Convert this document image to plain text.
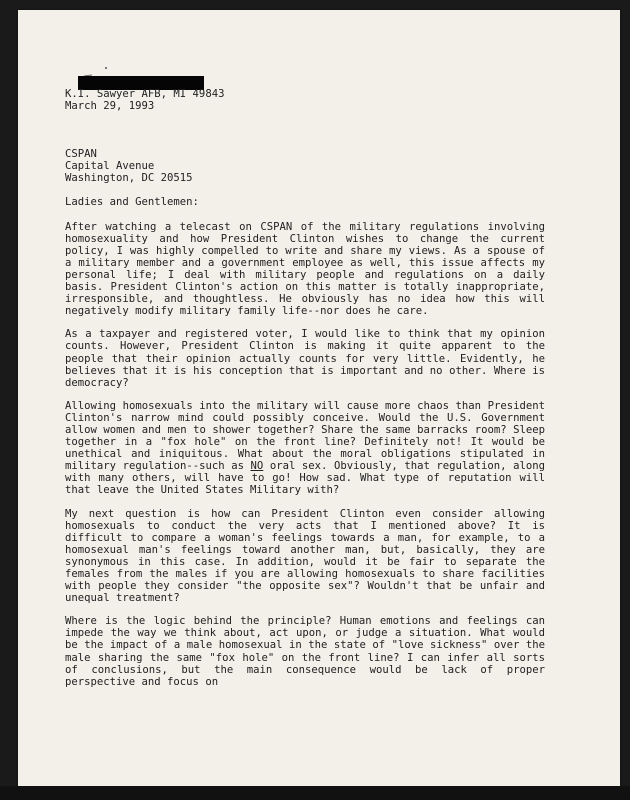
K.I. Sawyer AFB, MI 49843
March 29, 1993
CSPAN
Capital Avenue
Washington, DC 20515
Ladies and Gentlemen:

After watching a telecast on CSPAN of the military regulations involving homosexuality and how President Clinton wishes to change the current policy, I was highly compelled to write and share my views. As a spouse of a military member and a government employee as well, this issue affects my personal life; I deal with military people and regulations on a daily basis. President Clinton's action on this matter is totally inappropriate, irresponsible, and thoughtless. He obviously has no idea how this will negatively modify military family life--nor does he care.

As a taxpayer and registered voter, I would like to think that my opinion counts. However, President Clinton is making it quite apparent to the people that their opinion actually counts for very little. Evidently, he believes that it is his conception that is important and no other. Where is democracy?

Allowing homosexuals into the military will cause more chaos than President Clinton's narrow mind could possibly conceive. Would the U.S. Government allow women and men to shower together? Share the same barracks room? Sleep together in a "fox hole" on the front line? Definitely not! It would be unethical and iniquitous. What about the moral obligations stipulated in military regulation--such as NO oral sex. Obviously, that regulation, along with many others, will have to go! How sad. What type of reputation will that leave the United States Military with?

My next question is how can President Clinton even consider allowing homosexuals to conduct the very acts that I mentioned above? It is difficult to compare a woman's feelings towards a man, for example, to a homosexual man's feelings toward another man, but, basically, they are synonymous in this case. In addition, would it be fair to separate the females from the males if you are allowing homosexuals to share facilities with people they consider "the opposite sex"? Wouldn't that be unfair and unequal treatment?

Where is the logic behind the principle? Human emotions and feelings can impede the way we think about, act upon, or judge a situation. What would be the impact of a male homosexual in the state of "love sickness" over the male sharing the same "fox hole" on the front line? I can infer all sorts of conclusions, but the main consequence would be lack of proper perspective and focus on
